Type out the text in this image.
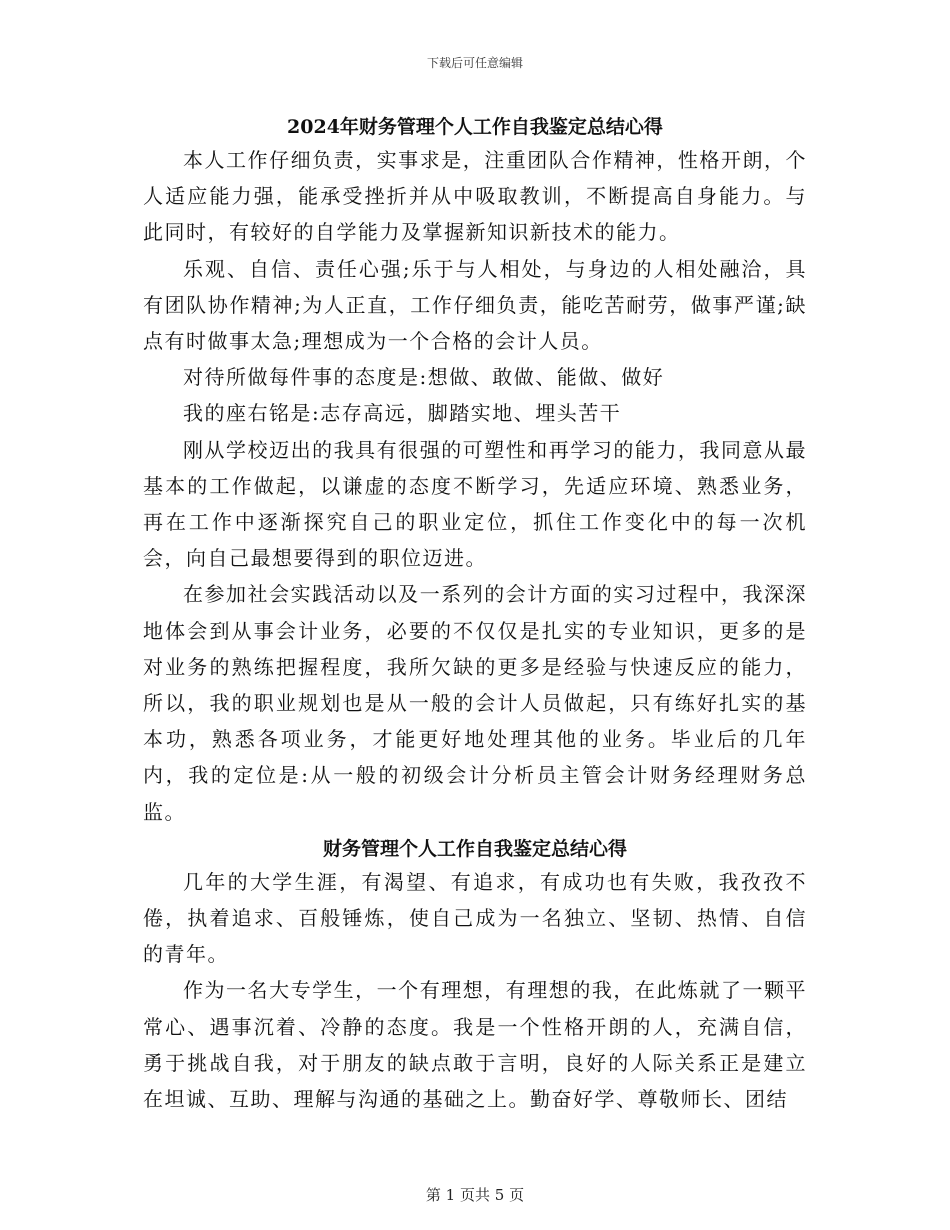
下载后可任意编辑
2024年财务管理个人工作自我鉴定总结心得

本人工作仔细负责，实事求是，注重团队合作精神，性格开朗，个人适应能力强，能承受挫折并从中吸取教训，不断提高自身能力。与此同时，有较好的自学能力及掌握新知识新技术的能力。

乐观、自信、责任心强;乐于与人相处，与身边的人相处融洽，具有团队协作精神;为人正直，工作仔细负责，能吃苦耐劳，做事严谨;缺点有时做事太急;理想成为一个合格的会计人员。

对待所做每件事的态度是:想做、敢做、能做、做好

我的座右铭是:志存高远，脚踏实地、埋头苦干

刚从学校迈出的我具有很强的可塑性和再学习的能力，我同意从最基本的工作做起，以谦虚的态度不断学习，先适应环境、熟悉业务，再在工作中逐渐探究自己的职业定位，抓住工作变化中的每一次机会，向自己最想要得到的职位迈进。

在参加社会实践活动以及一系列的会计方面的实习过程中，我深深地体会到从事会计业务，必要的不仅仅是扎实的专业知识，更多的是对业务的熟练把握程度，我所欠缺的更多是经验与快速反应的能力，所以，我的职业规划也是从一般的会计人员做起，只有练好扎实的基本功，熟悉各项业务，才能更好地处理其他的业务。毕业后的几年内，我的定位是:从一般的初级会计分析员主管会计财务经理财务总监。

财务管理个人工作自我鉴定总结心得

几年的大学生涯，有渴望、有追求，有成功也有失败，我孜孜不倦，执着追求、百般锤炼，使自己成为一名独立、坚韧、热情、自信的青年。

作为一名大专学生，一个有理想，有理想的我，在此炼就了一颗平常心、遇事沉着、冷静的态度。我是一个性格开朗的人，充满自信，勇于挑战自我，对于朋友的缺点敢于言明，良好的人际关系正是建立在坦诚、互助、理解与沟通的基础之上。勤奋好学、尊敬师长、团结

第 1 页共 5 页
